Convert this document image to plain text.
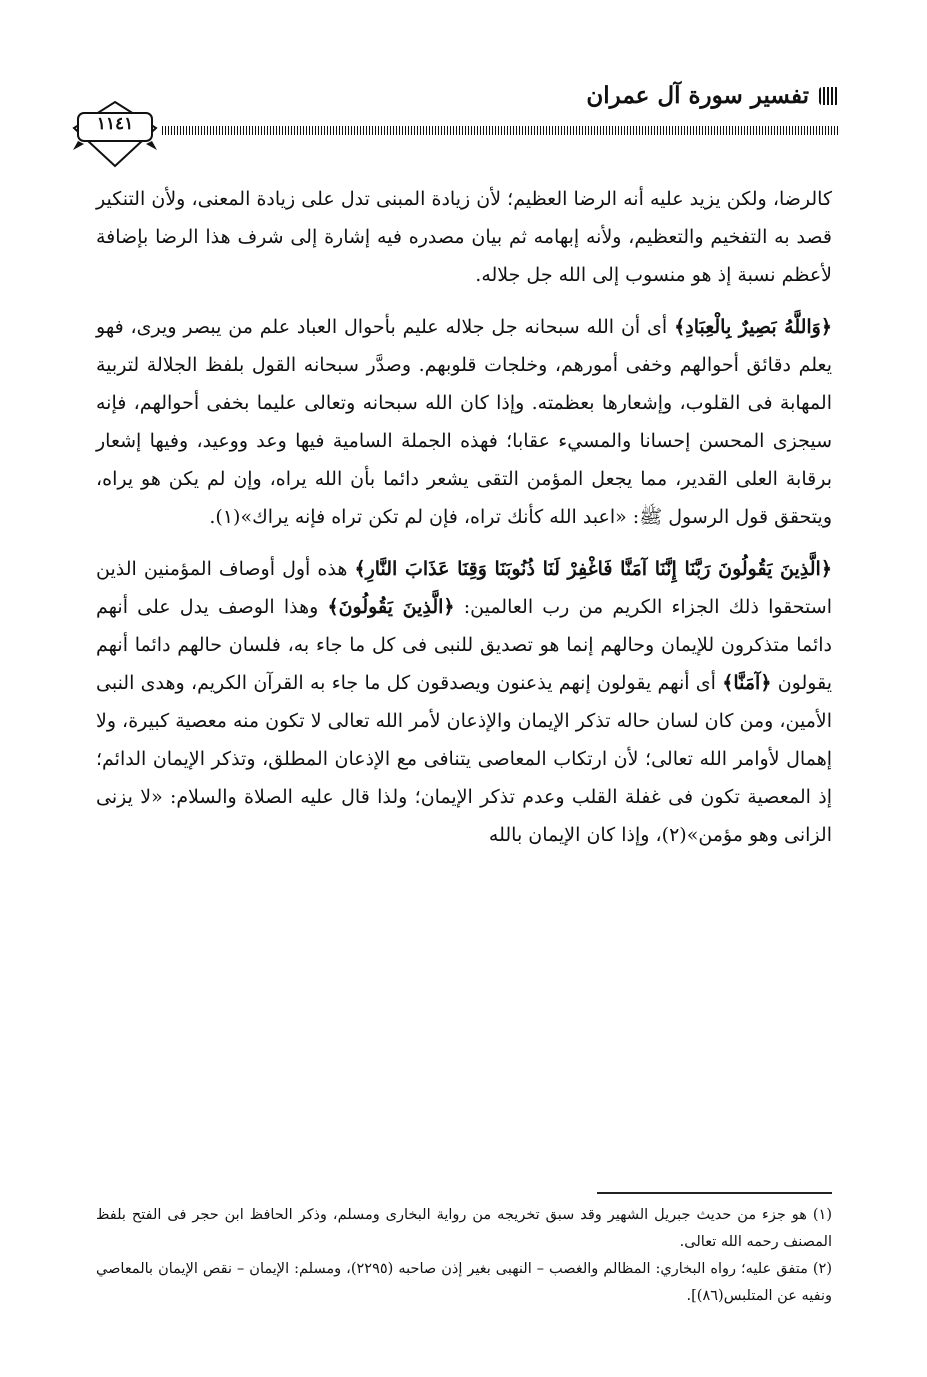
تفسير سورة آل عمران
١١٤١

كالرضا، ولكن يزيد عليه أنه الرضا العظيم؛ لأن زيادة المبنى تدل على زيادة المعنى، ولأن التنكير قصد به التفخيم والتعظيم، ولأنه إبهامه ثم بيان مصدره فيه إشارة إلى شرف هذا الرضا بإضافة لأعظم نسبة إذ هو منسوب إلى الله جل جلاله.

﴿وَاللَّهُ بَصِيرٌ بِالْعِبَادِ﴾ أى أن الله سبحانه جل جلاله عليم بأحوال العباد علم من يبصر ويرى، فهو يعلم دقائق أحوالهم وخفى أمورهم، وخلجات قلوبهم. وصدَّر سبحانه القول بلفظ الجلالة لتربية المهابة فى القلوب، وإشعارها بعظمته. وإذا كان الله سبحانه وتعالى عليما بخفى أحوالهم، فإنه سيجزى المحسن إحسانا والمسيء عقابا؛ فهذه الجملة السامية فيها وعد ووعيد، وفيها إشعار برقابة العلى القدير، مما يجعل المؤمن التقى يشعر دائما بأن الله يراه، وإن لم يكن هو يراه، ويتحقق قول الرسول ﷺ: «اعبد الله كأنك تراه، فإن لم تكن تراه فإنه يراك»(١).

﴿الَّذِينَ يَقُولُونَ رَبَّنَا إِنَّنَا آمَنَّا فَاغْفِرْ لَنَا ذُنُوبَنَا وَقِنَا عَذَابَ النَّارِ﴾ هذه أول أوصاف المؤمنين الذين استحقوا ذلك الجزاء الكريم من رب العالمين: ﴿الَّذِينَ يَقُولُونَ﴾ وهذا الوصف يدل على أنهم دائما متذكرون للإيمان وحالهم إنما هو تصديق للنبى فى كل ما جاء به، فلسان حالهم دائما أنهم يقولون ﴿آمَنَّا﴾ أى أنهم يقولون إنهم يذعنون ويصدقون كل ما جاء به القرآن الكريم، وهدى النبى الأمين، ومن كان لسان حاله تذكر الإيمان والإذعان لأمر الله تعالى لا تكون منه معصية كبيرة، ولا إهمال لأوامر الله تعالى؛ لأن ارتكاب المعاصى يتنافى مع الإذعان المطلق، وتذكر الإيمان الدائم؛ إذ المعصية تكون فى غفلة القلب وعدم تذكر الإيمان؛ ولذا قال عليه الصلاة والسلام: «لا يزنى الزانى وهو مؤمن»(٢)، وإذا كان الإيمان بالله

(١) هو جزء من حديث جبريل الشهير وقد سبق تخريجه من رواية البخارى ومسلم، وذكر الحافظ ابن حجر فى الفتح بلفظ المصنف رحمه الله تعالى.

(٢) متفق عليه؛ رواه البخاري: المظالم والغصب – النهبى بغير إذن صاحبه (٢٢٩٥)، ومسلم: الإيمان – نقص الإيمان بالمعاصي ونفيه عن المتلبس(٨٦)].
